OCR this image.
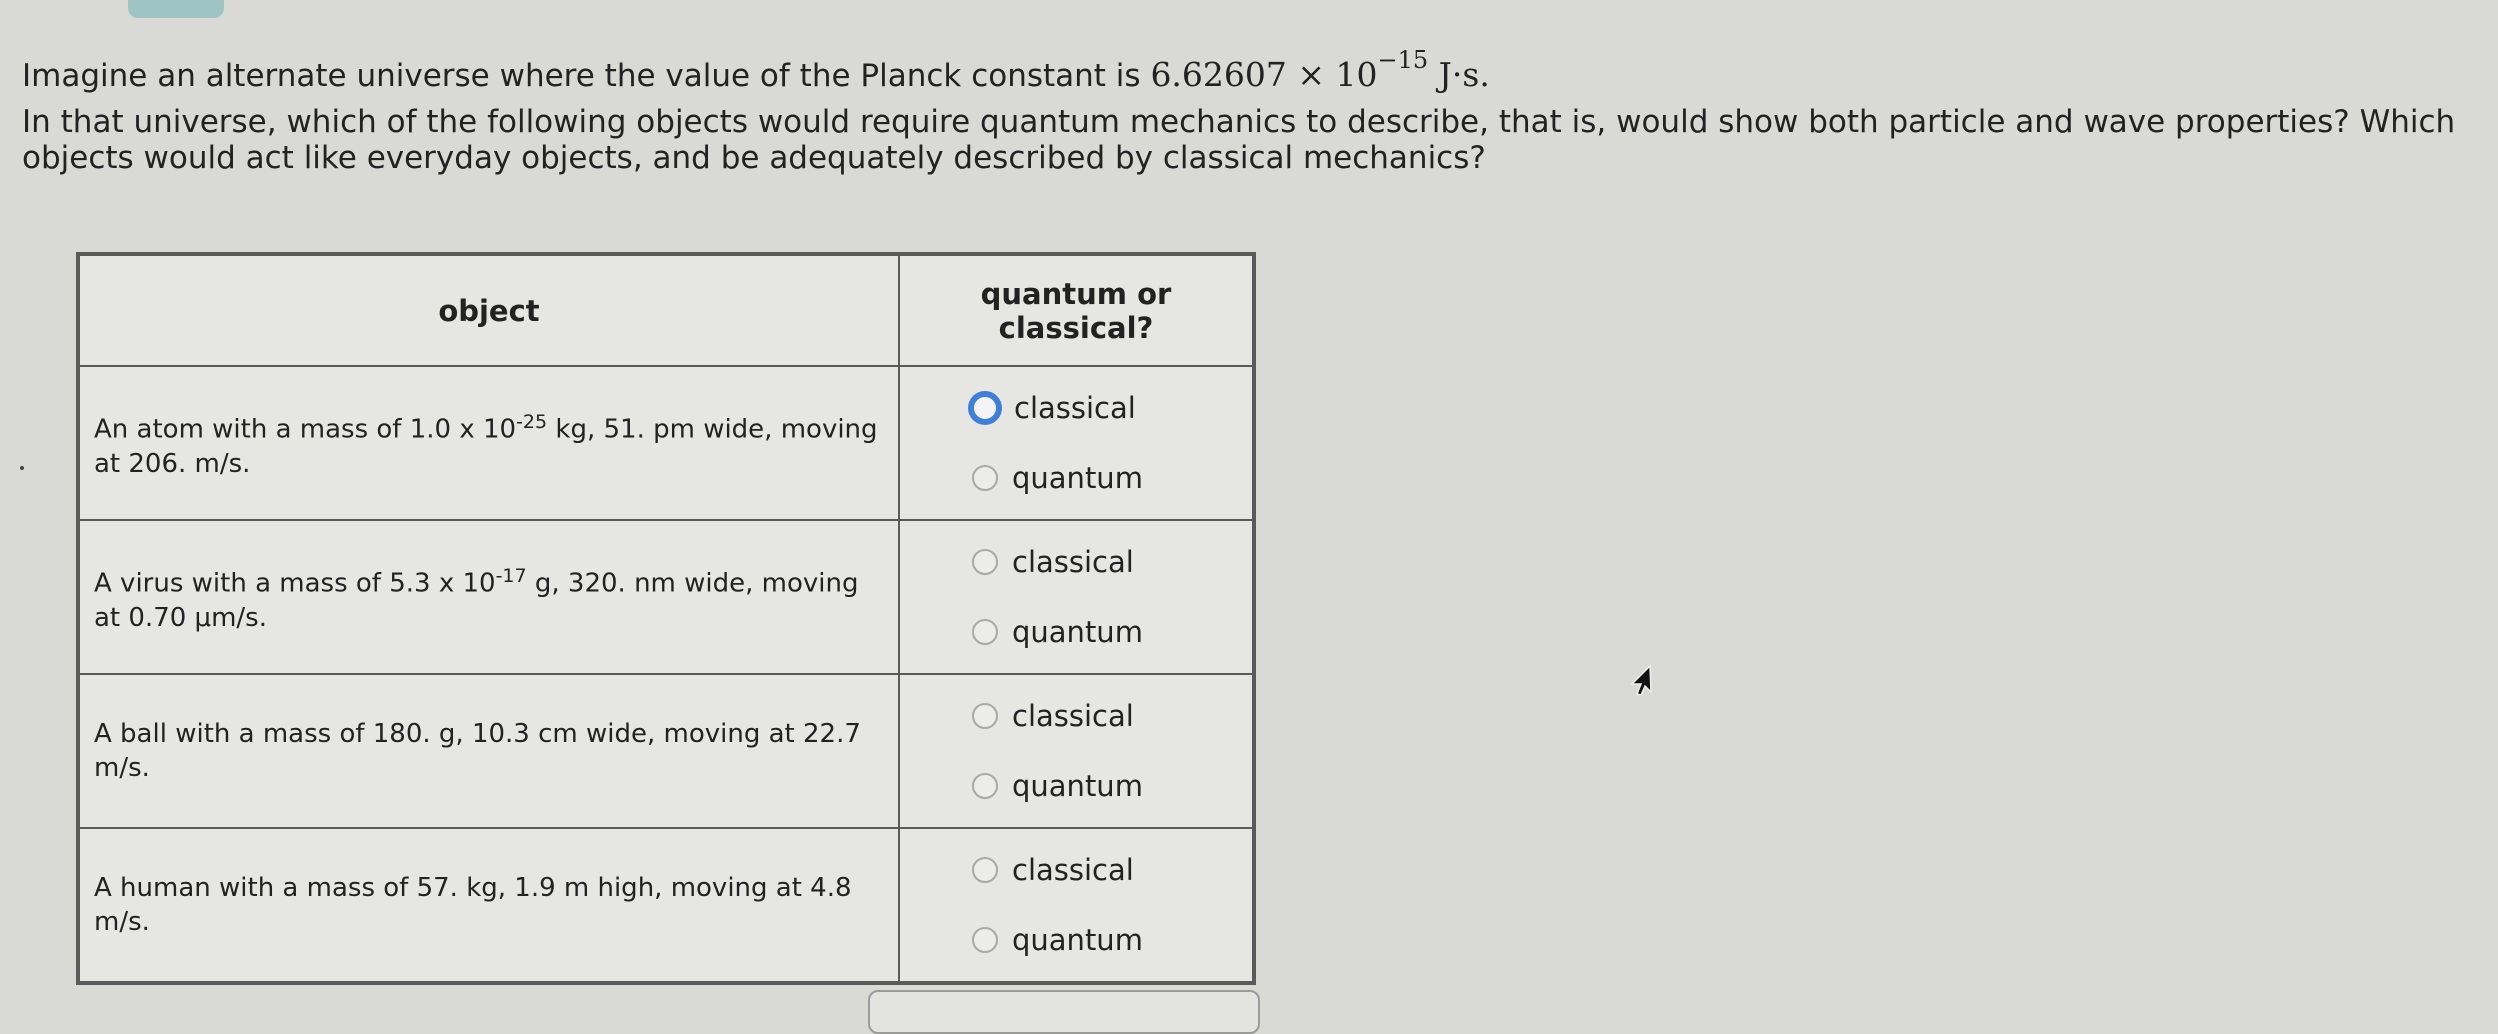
Imagine an alternate universe where the value of the Planck constant is $6.62607 \times 10^{-15}$ J·s.
In that universe, which of the following objects would require quantum mechanics to describe, that is, would show both particle and wave properties? Which objects would act like everyday objects, and be adequately described by classical mechanics?
object	quantum or classical?
An atom with a mass of 1.0 x $10^{-25}$ kg, 51. pm wide, moving at 206. m/s.	classical
quantum

A virus with a mass of 5.3 x $10^{-17}$ g, 320. nm wide, moving at 0.70 μm/s.	classical
quantum

A ball with a mass of 180. g, 10.3 cm wide, moving at 22.7 m/s.	classical
quantum

A human with a mass of 57. kg, 1.9 m high, moving at 4.8 m/s.	classical
quantum
